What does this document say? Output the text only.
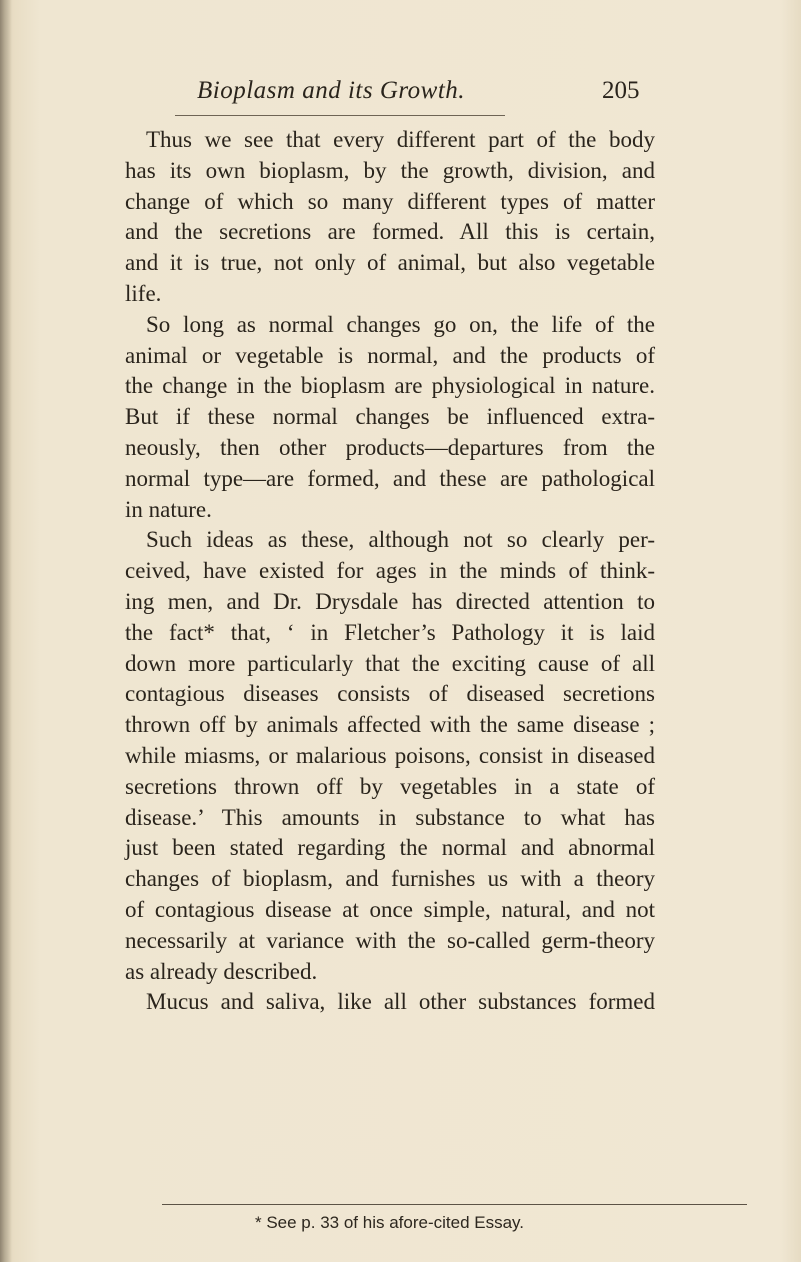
Bioplasm and its Growth.	205
Thus we see that every different part of the body
has its own bioplasm, by the growth, division, and
change of which so many different types of matter
and the secretions are formed. All this is certain,
and it is true, not only of animal, but also vegetable
life.
So long as normal changes go on, the life of the
animal or vegetable is normal, and the products of
the change in the bioplasm are physiological in nature.
But if these normal changes be influenced extra-
neously, then other products—departures from the
normal type—are formed, and these are pathological
in nature.
Such ideas as these, although not so clearly per-
ceived, have existed for ages in the minds of think-
ing men, and Dr. Drysdale has directed attention to
the fact* that, ‘ in Fletcher’s Pathology it is laid
down more particularly that the exciting cause of all
contagious diseases consists of diseased secretions
thrown off by animals affected with the same disease ;
while miasms, or malarious poisons, consist in diseased
secretions thrown off by vegetables in a state of
disease.’ This amounts in substance to what has
just been stated regarding the normal and abnormal
changes of bioplasm, and furnishes us with a theory
of contagious disease at once simple, natural, and not
necessarily at variance with the so-called germ-theory
as already described.
Mucus and saliva, like all other substances formed
* See p. 33 of his afore-cited Essay.
